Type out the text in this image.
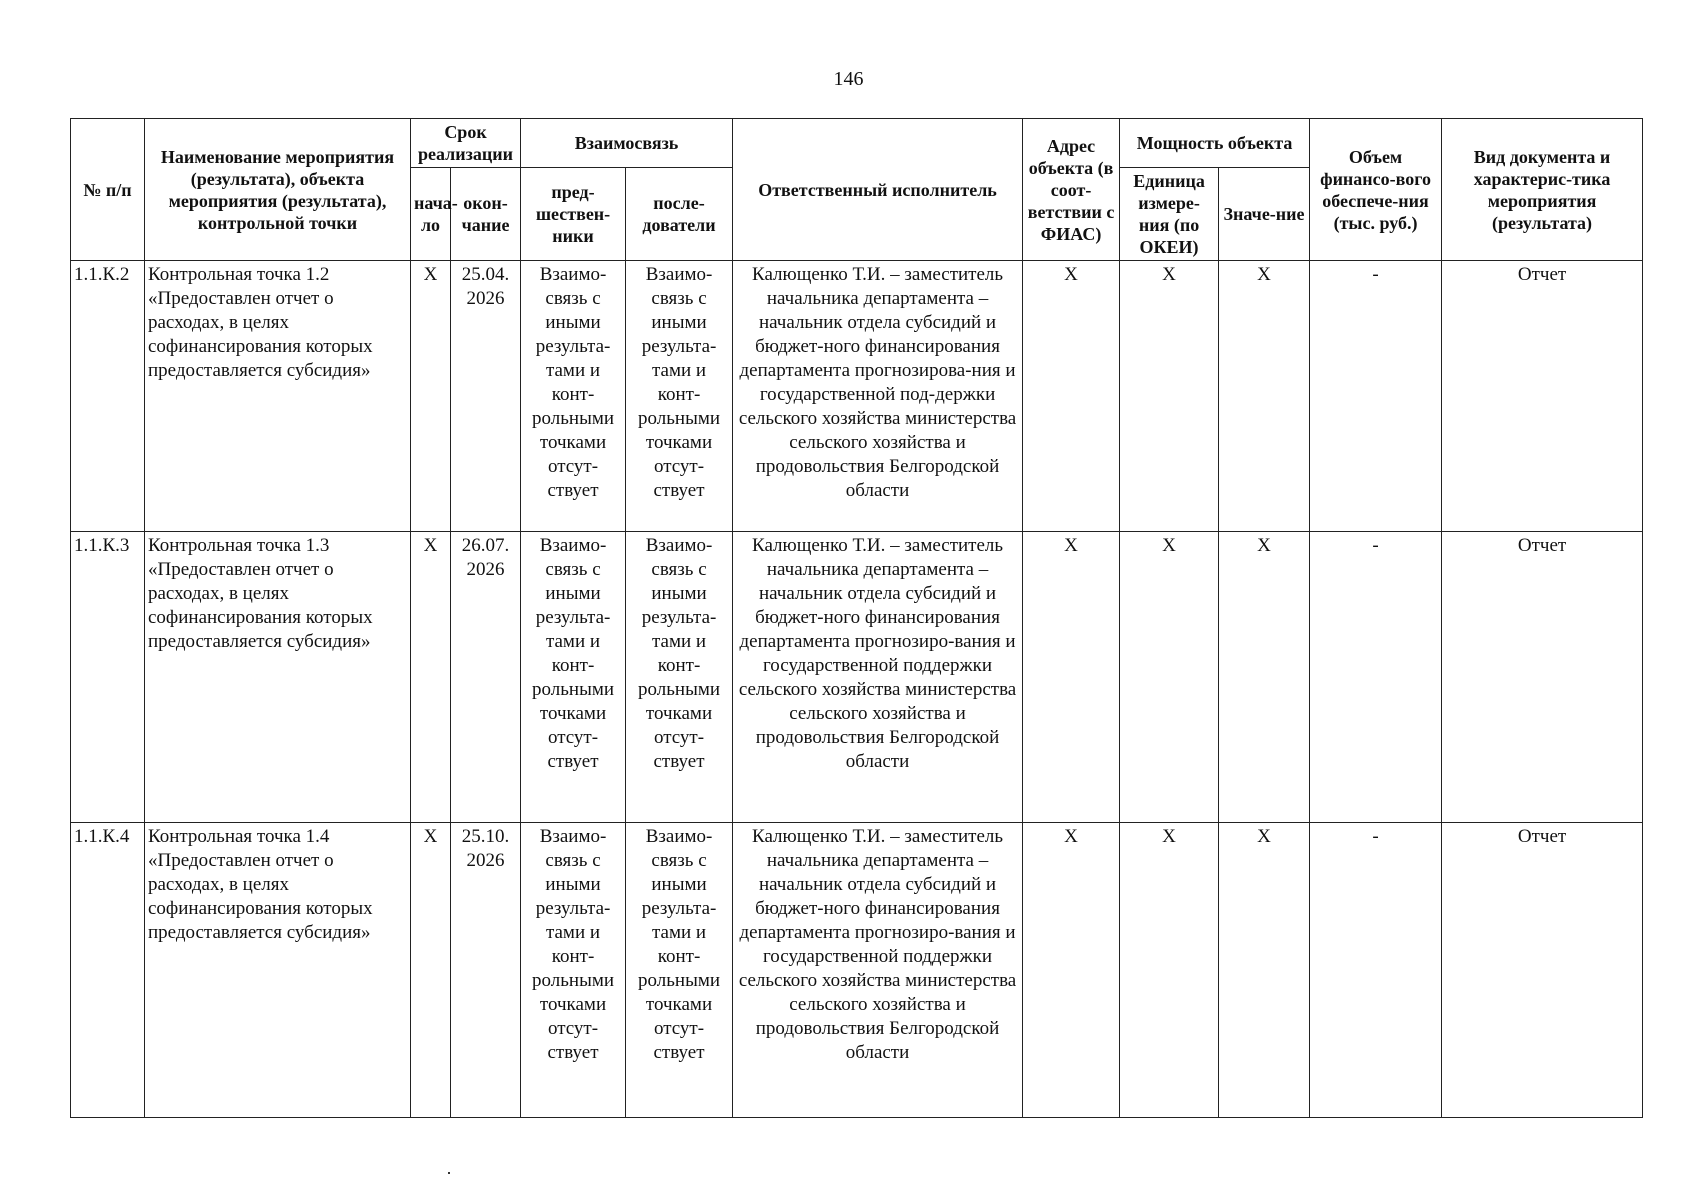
146
№ п/п	Наименование мероприятия (результата), объекта мероприятия (результата), контрольной точки	Срок реализации		Взаимосвязь		Ответственный исполнитель	Адрес объекта (в соот-ветствии с ФИАС)	Мощность объекта		Объем финансо-вого обеспече-ния (тыс. руб.)	Вид документа и характерис-тика мероприятия (результата)
		нача-ло	окон-чание	пред-шествен-ники	после-дователи			Единица измере-ния (по ОКЕИ)	Значе-ние		
1.1.К.2	Контрольная точка 1.2 «Предоставлен отчет о расходах, в целях софинансирования которых предоставляется субсидия»	Х	25.04. 2026	Взаимо-связь с иными результа-тами и конт-рольными точками отсут-ствует	Взаимо-связь с иными результа-тами и конт-рольными точками отсут-ствует	Калющенко Т.И. – заместитель начальника департамента – начальник отдела субсидий и бюджет-ного финансирования департамента прогнозирова-ния и государственной под-держки сельского хозяйства министерства сельского хозяйства и продовольствия Белгородской области	Х	Х	Х	-	Отчет
1.1.К.3	Контрольная точка 1.3 «Предоставлен отчет о расходах, в целях софинансирования которых предоставляется субсидия»	Х	26.07. 2026	Взаимо-связь с иными результа-тами и конт-рольными точками отсут-ствует	Взаимо-связь с иными результа-тами и конт-рольными точками отсут-ствует	Калющенко Т.И. – заместитель начальника департамента – начальник отдела субсидий и бюджет-ного финансирования департамента прогнозиро-вания и государственной поддержки сельского хозяйства министерства сельского хозяйства и продовольствия Белгородской области	Х	Х	Х	-	Отчет
1.1.К.4	Контрольная точка 1.4 «Предоставлен отчет о расходах, в целях софинансирования которых предоставляется субсидия»	Х	25.10. 2026	Взаимо-связь с иными результа-тами и конт-рольными точками отсут-ствует	Взаимо-связь с иными результа-тами и конт-рольными точками отсут-ствует	Калющенко Т.И. – заместитель начальника департамента – начальник отдела субсидий и бюджет-ного финансирования департамента прогнозиро-вания и государственной поддержки сельского хозяйства министерства сельского хозяйства и продовольствия Белгородской области	Х	Х	Х	-	Отчет
